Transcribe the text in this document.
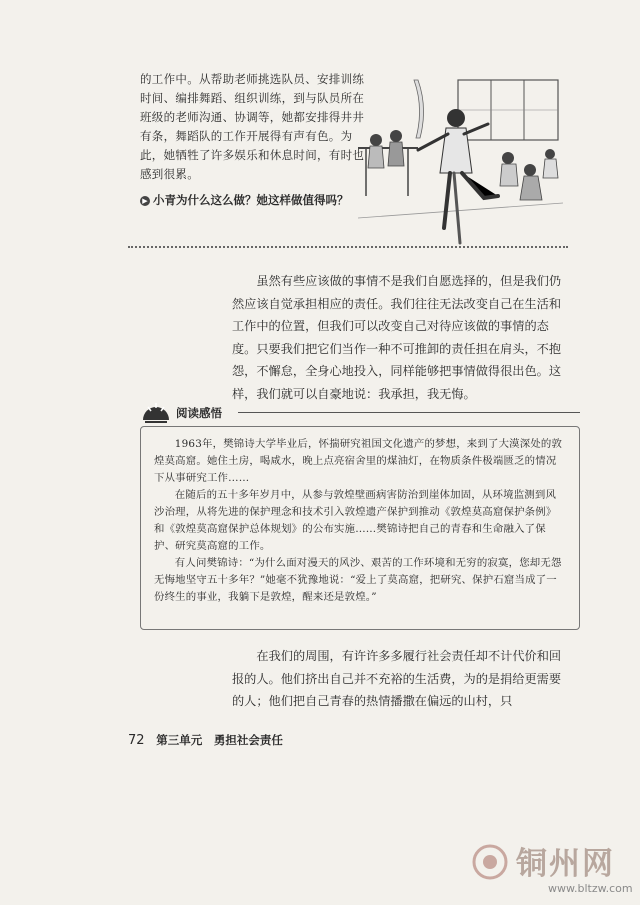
的工作中。从帮助老师挑选队员、安排训练时间、编排舞蹈、组织训练，到与队员所在班级的老师沟通、协调等，她都安排得井井有条，舞蹈队的工作开展得有声有色。为此，她牺牲了许多娱乐和休息时间，有时也感到很累。
▶ 小青为什么这么做？她这样做值得吗？
虽然有些应该做的事情不是我们自愿选择的，但是我们仍然应该自觉承担相应的责任。我们往往无法改变自己在生活和工作中的位置，但我们可以改变自己对待应该做的事情的态度。只要我们把它们当作一种不可推卸的责任担在肩头，不抱怨，不懈怠，全身心地投入，同样能够把事情做得很出色。这样，我们就可以自豪地说：我承担，我无悔。
阅读感悟

1963年，樊锦诗大学毕业后，怀揣研究祖国文化遗产的梦想，来到了大漠深处的敦煌莫高窟。她住土房，喝咸水，晚上点亮宿舍里的煤油灯，在物质条件极端匮乏的情况下从事研究工作……

在随后的五十多年岁月中，从参与敦煌壁画病害防治到崖体加固，从环境监测到风沙治理，从将先进的保护理念和技术引入敦煌遗产保护到推动《敦煌莫高窟保护条例》和《敦煌莫高窟保护总体规划》的公布实施……樊锦诗把自己的青春和生命融入了保护、研究莫高窟的工作。

有人问樊锦诗：“为什么面对漫天的风沙、艰苦的工作环境和无穷的寂寞，您却无怨无悔地坚守五十多年？”她毫不犹豫地说：“爱上了莫高窟，把研究、保护石窟当成了一份终生的事业，我躺下是敦煌，醒来还是敦煌。”

在我们的周围，有许许多多履行社会责任却不计代价和回报的人。他们挤出自己并不充裕的生活费，为的是捐给更需要的人；他们把自己青春的热情播撒在偏远的山村，只
72 第三单元 勇担社会责任
铜州网
www.bltzw.com
